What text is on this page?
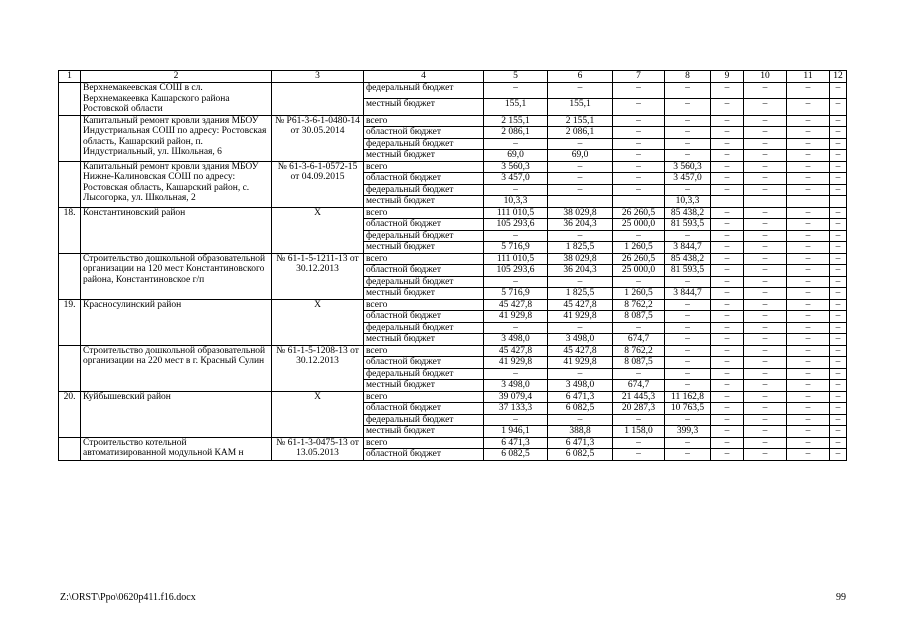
1	2	3	4	5	6	7	8	9	10	11	12
	Верхнемакеевская СОШ в сл. Верхнемакеевка Кашарского района Ростовской области		федеральный бюджет	–	–	–	–	–	–	–	–
			местный бюджет	155,1	155,1	–	–	–	–	–	–
	Капитальный ремонт кровли здания МБОУ Индустриальная СОШ по адресу: Ростовская область, Кашарский район, п. Индустриальный, ул. Школьная, 6	№ Р61-3-6-1-0480-14 от 30.05.2014	всего	2 155,1	2 155,1	–	–	–	–	–	–
			областной бюджет	2 086,1	2 086,1	–	–	–	–	–	–
			федеральный бюджет	–	–	–	–	–	–	–	–
			местный бюджет	69,0	69,0	–	–	–	–	–	–
	Капитальный ремонт кровли здания МБОУ Нижне-Калиновская СОШ по адресу: Ростовская область, Кашарский район, с. Лысогорка, ул. Школьная, 2	№ 61-3-6-1-0572-15 от 04.09.2015	всего	3 560,3	–	–	3 560,3	–	–	–	–
			областной бюджет	3 457,0	–	–	3 457,0	–	–	–	–
			федеральный бюджет	–	–	–	–	–	–	–	–
			местный бюджет	10,3,3			10,3,3				
18.	Константиновский район	Х	всего	111 010,5	38 029,8	26 260,5	85 438,2	–	–	–	–
			областной бюджет	105 293,6	36 204,3	25 000,0	81 593,5	–	–	–	–
			федеральный бюджет	–	–	–	–	–	–	–	–
			местный бюджет	5 716,9	1 825,5	1 260,5	3 844,7	–	–	–	–
	Строительство дошкольной образовательной организации на 120 мест Константиновского района, Константиновское г/п	№ 61-1-5-1211-13 от 30.12.2013	всего	111 010,5	38 029,8	26 260,5	85 438,2	–	–	–	–
			областной бюджет	105 293,6	36 204,3	25 000,0	81 593,5	–	–	–	–
			федеральный бюджет	–	–	–	–	–	–	–	–
			местный бюджет	5 716,9	1 825,5	1 260,5	3 844,7	–	–	–	–
19.	Красносулинский район	Х	всего	45 427,8	45 427,8	8 762,2	–	–	–	–	–
			областной бюджет	41 929,8	41 929,8	8 087,5	–	–	–	–	–
			федеральный бюджет	–	–	–	–	–	–	–	–
			местный бюджет	3 498,0	3 498,0	674,7	–	–	–	–	–
	Строительство дошкольной образовательной организации на 220 мест в г. Красный Сулин	№ 61-1-5-1208-13 от 30.12.2013	всего	45 427,8	45 427,8	8 762,2	–	–	–	–	–
			областной бюджет	41 929,8	41 929,8	8 087,5	–	–	–	–	–
			федеральный бюджет	–	–	–	–	–	–	–	–
			местный бюджет	3 498,0	3 498,0	674,7	–	–	–	–	–
20.	Куйбышевский район	Х	всего	39 079,4	6 471,3	21 445,3	11 162,8	–	–	–	–
			областной бюджет	37 133,3	6 082,5	20 287,3	10 763,5	–	–	–	–
			федеральный бюджет	–	–	–	–	–	–	–	–
			местный бюджет	1 946,1	388,8	1 158,0	399,3	–	–	–	–
	Строительство котельной автоматизированной модульной КАМ н	№ 61-1-3-0475-13 от 13.05.2013	всего	6 471,3	6 471,3	–	–	–	–	–	–
			областной бюджет	6 082,5	6 082,5	–	–	–	–	–	–
Z:\ORST\Ppo\0620p411.f16.docx	99
